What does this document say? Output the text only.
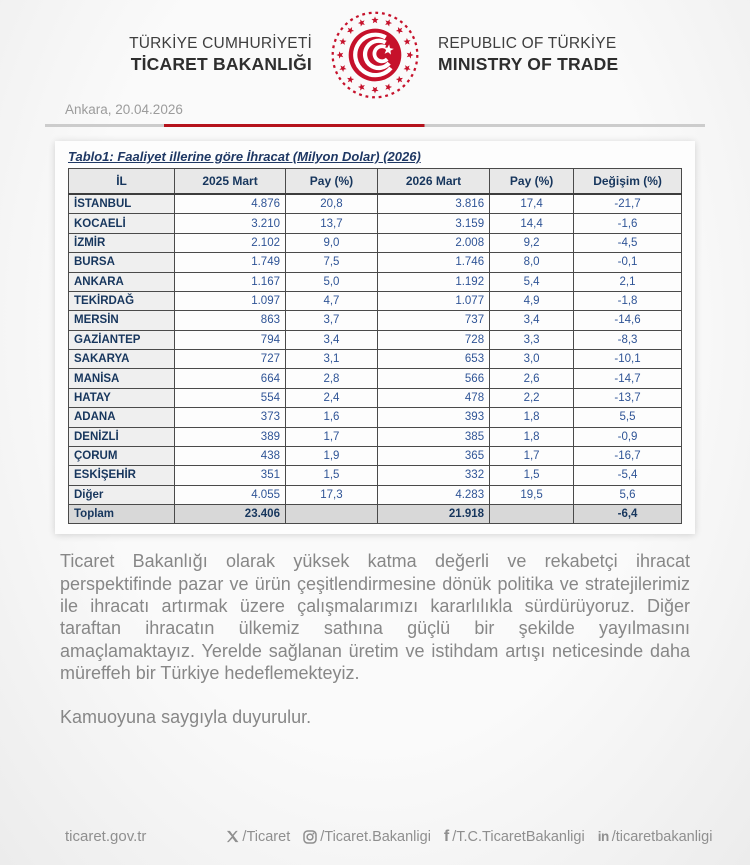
TÜRKİYE CUMHURİYETİ
TİCARET BAKANLIĞI
REPUBLIC OF TÜRKİYE
MINISTRY OF TRADE
Ankara, 20.04.2026
Tablo1: Faaliyet illerine göre İhracat (Milyon Dolar) (2026)
İL	2025 Mart	Pay (%)	2026 Mart	Pay (%)	Değişim (%)
İSTANBUL	4.876	20,8	3.816	17,4	-21,7
KOCAELİ	3.210	13,7	3.159	14,4	-1,6
İZMİR	2.102	9,0	2.008	9,2	-4,5
BURSA	1.749	7,5	1.746	8,0	-0,1
ANKARA	1.167	5,0	1.192	5,4	2,1
TEKİRDAĞ	1.097	4,7	1.077	4,9	-1,8
MERSİN	863	3,7	737	3,4	-14,6
GAZİANTEP	794	3,4	728	3,3	-8,3
SAKARYA	727	3,1	653	3,0	-10,1
MANİSA	664	2,8	566	2,6	-14,7
HATAY	554	2,4	478	2,2	-13,7
ADANA	373	1,6	393	1,8	5,5
DENİZLİ	389	1,7	385	1,8	-0,9
ÇORUM	438	1,9	365	1,7	-16,7
ESKİŞEHİR	351	1,5	332	1,5	-5,4
Diğer	4.055	17,3	4.283	19,5	5,6
Toplam	23.406		21.918		-6,4

Ticaret Bakanlığı olarak yüksek katma değerli ve rekabetçi ihracat perspektifinde pazar ve ürün çeşitlendirmesine dönük politika ve stratejilerimiz ile ihracatı artırmak üzere çalışmalarımızı kararlılıkla sürdürüyoruz. Diğer taraftan ihracatın ülkemiz sathına güçlü bir şekilde yayılmasını amaçlamaktayız. Yerelde sağlanan üretim ve istihdam artışı neticesinde daha müreffeh bir Türkiye hedeflemekteyiz.

Kamuoyuna saygıyla duyurulur.

ticaret.gov.tr	/Ticaret /Ticaret.Bakanligi f /T.C.TicaretBakanligi in /ticaretbakanligi
